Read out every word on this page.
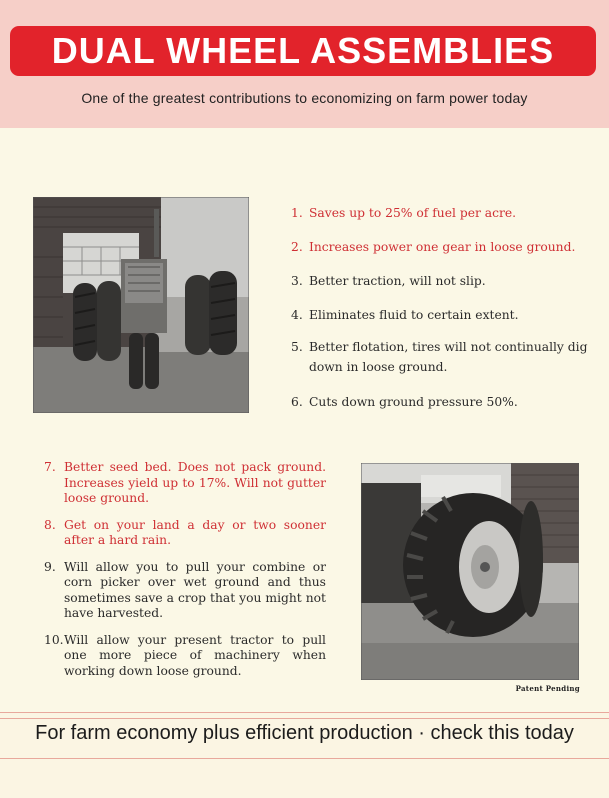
DUAL WHEEL ASSEMBLIES
One of the greatest contributions to economizing on farm power today
1. Saves up to 25% of fuel per acre.
2. Increases power one gear in loose ground.
3. Better traction, will not slip.
4. Eliminates fluid to certain extent.
5. Better flotation, tires will not continually dig down in loose ground.
6. Cuts down ground pressure 50%.
7. Better seed bed. Does not pack ground. Increases yield up to 17%. Will not gutter loose ground.
8. Get on your land a day or two sooner after a hard rain.
9. Will allow you to pull your combine or corn picker over wet ground and thus sometimes save a crop that you might not have harvested.
10. Will allow your present tractor to pull one more piece of machinery when working down loose ground.
Patent Pending
For farm economy plus efficient production · check this today
